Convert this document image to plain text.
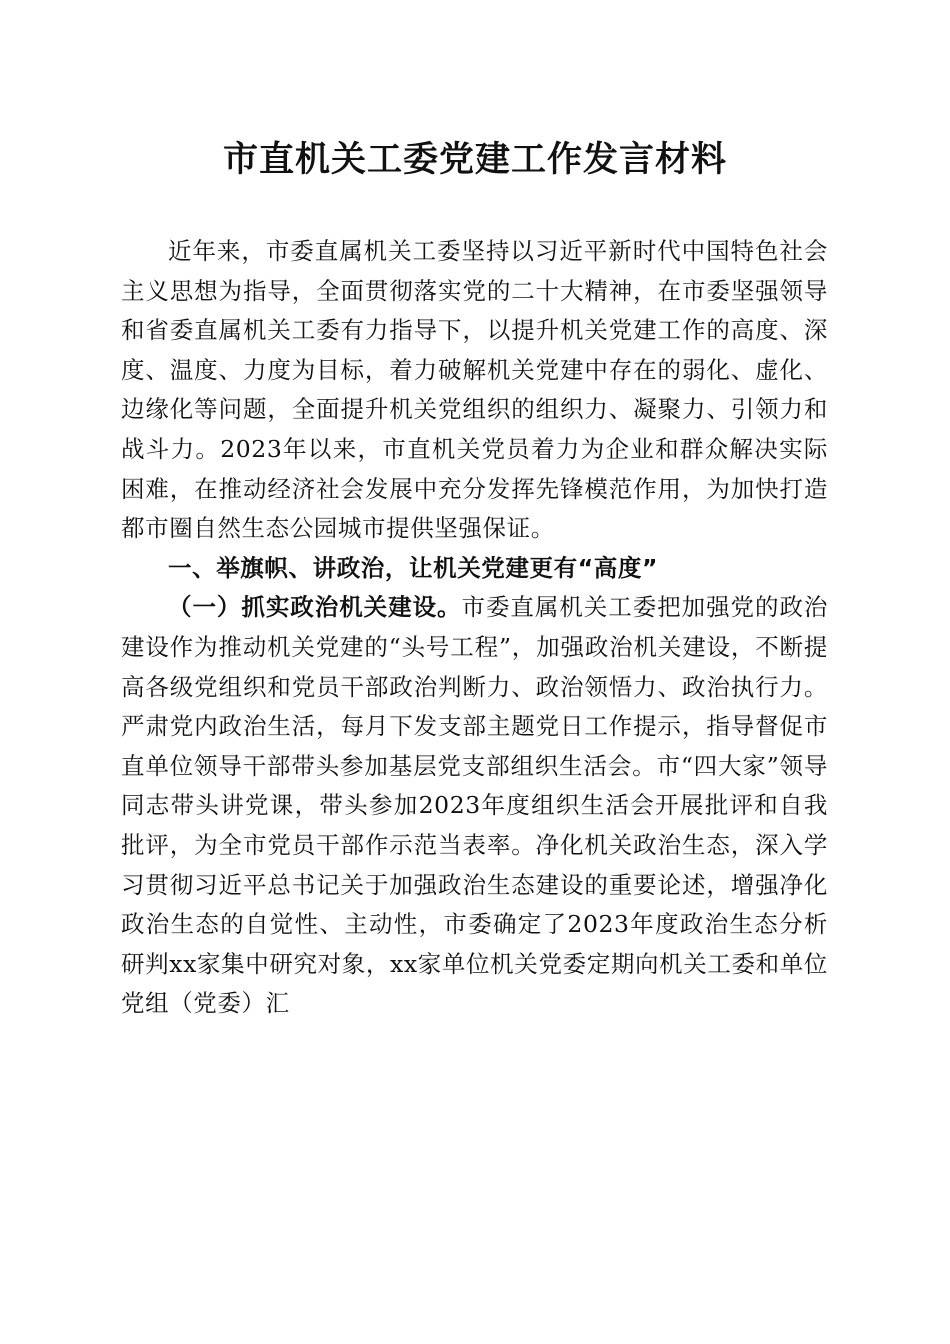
市直机关工委党建工作发言材料

近年来，市委直属机关工委坚持以习近平新时代中国特色社会主义思想为指导，全面贯彻落实党的二十大精神，在市委坚强领导和省委直属机关工委有力指导下，以提升机关党建工作的高度、深度、温度、力度为目标，着力破解机关党建中存在的弱化、虚化、边缘化等问题，全面提升机关党组织的组织力、凝聚力、引领力和战斗力。2023年以来，市直机关党员着力为企业和群众解决实际困难，在推动经济社会发展中充分发挥先锋模范作用，为加快打造都市圈自然生态公园城市提供坚强保证。

一、举旗帜、讲政治，让机关党建更有“高度”

（一）抓实政治机关建设。市委直属机关工委把加强党的政治建设作为推动机关党建的“头号工程”，加强政治机关建设，不断提高各级党组织和党员干部政治判断力、政治领悟力、政治执行力。严肃党内政治生活，每月下发支部主题党日工作提示，指导督促市直单位领导干部带头参加基层党支部组织生活会。市“四大家”领导同志带头讲党课，带头参加2023年度组织生活会开展批评和自我批评，为全市党员干部作示范当表率。净化机关政治生态，深入学习贯彻习近平总书记关于加强政治生态建设的重要论述，增强净化政治生态的自觉性、主动性，市委确定了2023年度政治生态分析研判xx家集中研究对象，xx家单位机关党委定期向机关工委和单位党组（党委）汇
